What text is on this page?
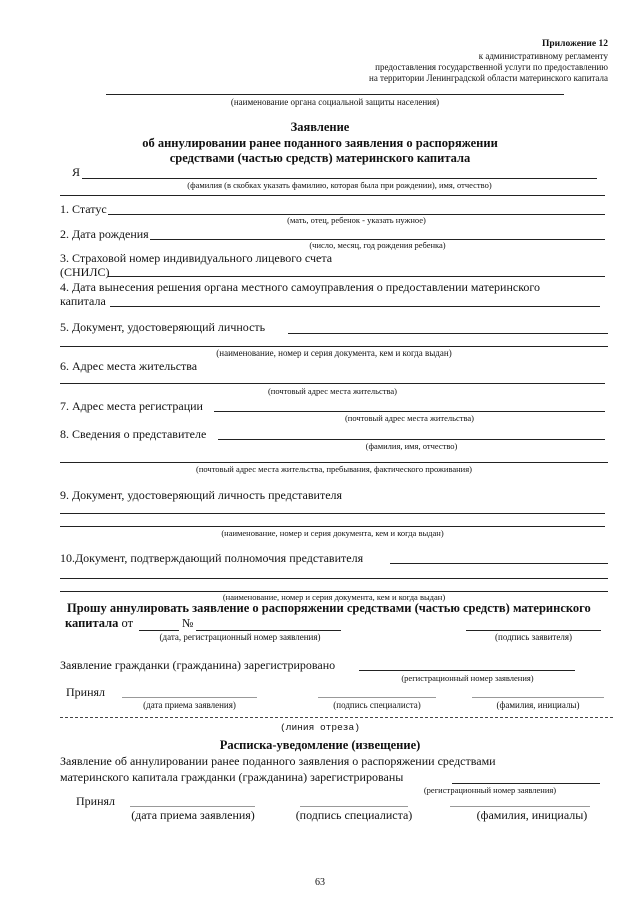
Приложение 12
к административному регламенту
предоставления государственной услуги по предоставлению
на территории Ленинградской области материнского капитала
(наименование органа социальной защиты населения)
Заявление
об аннулировании ранее поданного заявления о распоряжении
средствами (частью средств) материнского капитала
Я
(фамилия (в скобках указать фамилию, которая была при рождении), имя, отчество)
1. Статус
(мать, отец, ребенок - указать нужное)
2. Дата рождения
(число, месяц, год рождения ребенка)
3. Страховой номер индивидуального лицевого счета
(СНИЛС)
4. Дата вынесения решения органа местного самоуправления о предоставлении материнского
капитала
5. Документ, удостоверяющий личность
(наименование, номер и серия документа, кем и когда выдан)
6. Адрес места жительства
(почтовый адрес места жительства)
7. Адрес места регистрации
(почтовый адрес места жительства)
8. Сведения о представителе
(фамилия, имя, отчество)
(почтовый адрес места жительства, пребывания, фактического проживания)
9. Документ, удостоверяющий личность представителя
(наименование, номер и серия документа, кем и когда выдан)
10.Документ, подтверждающий полномочия представителя
(наименование, номер и серия документа, кем и когда выдан)
Прошу аннулировать заявление о распоряжении средствами (частью средств) материнского
капитала от	№
(дата, регистрационный номер заявления)	(подпись заявителя)
Заявление гражданки (гражданина) зарегистрировано
(регистрационный номер заявления)
Принял
(дата приема заявления)	(подпись специалиста)	(фамилия, инициалы)
(линия отреза)
Расписка-уведомление (извещение)
Заявление об аннулировании ранее поданного заявления о распоряжении средствами
материнского капитала гражданки (гражданина) зарегистрированы
(регистрационный номер заявления)
Принял
(дата приема заявления)	(подпись специалиста)	(фамилия, инициалы)
63
